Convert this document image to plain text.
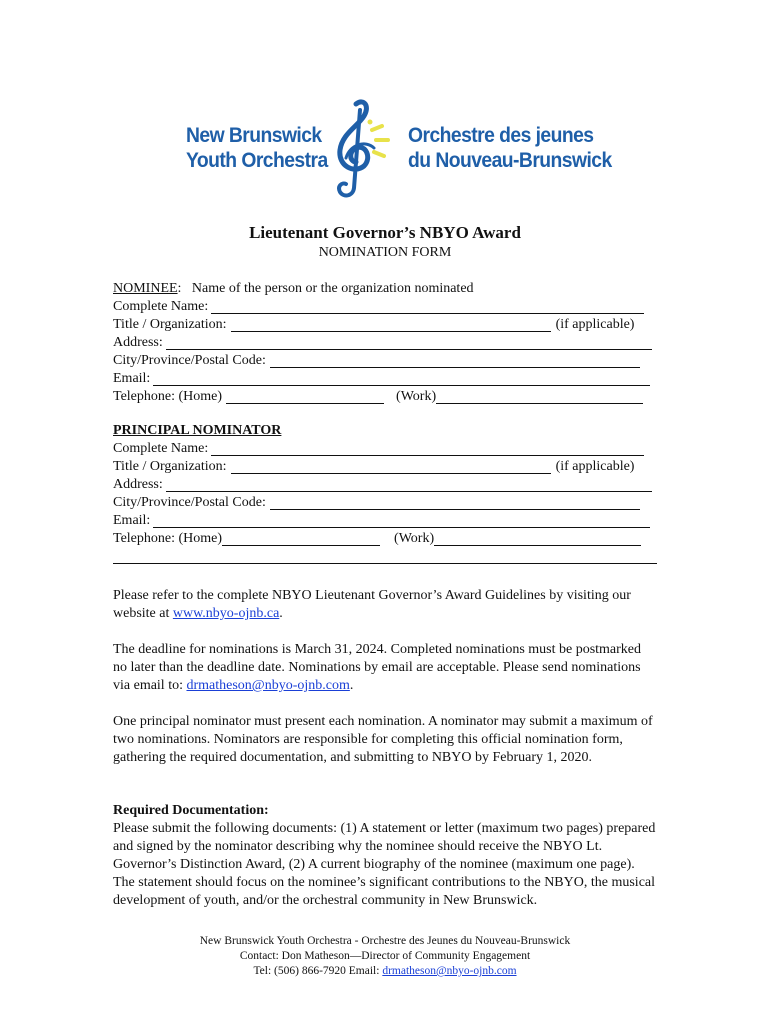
New Brunswick
Youth Orchestra
Orchestre des jeunes
du Nouveau-Brunswick
Lieutenant Governor’s NBYO Award
NOMINATION FORM
NOMINEE :   Name of the person or the organization nominated
Complete Name:
Title / Organization:	(if applicable)
Address:
City/Province/Postal Code:
Email:
Telephone: (Home)	(Work)
PRINCIPAL NOMINATOR
Complete Name:
Title / Organization:	(if applicable)
Address:
City/Province/Postal Code:
Email:
Telephone: (Home)	(Work)
Please refer to the complete NBYO Lieutenant Governor’s Award Guidelines by visiting our website at www.nbyo-ojnb.ca.
The deadline for nominations is March 31, 2024. Completed nominations must be postmarked no later than the deadline date. Nominations by email are acceptable. Please send nominations via email to: drmatheson@nbyo-ojnb.com.
One principal nominator must present each nomination. A nominator may submit a maximum of two nominations. Nominators are responsible for completing this official nomination form, gathering the required documentation, and submitting to NBYO by February 1, 2020.
Required Documentation:
Please submit the following documents: (1) A statement or letter (maximum two pages) prepared and signed by the nominator describing why the nominee should receive the NBYO Lt. Governor’s Distinction Award, (2) A current biography of the nominee (maximum one page). The statement should focus on the nominee’s significant contributions to the NBYO, the musical development of youth, and/or the orchestral community in New Brunswick.
New Brunswick Youth Orchestra - Orchestre des Jeunes du Nouveau-Brunswick
Contact: Don Matheson—Director of Community Engagement
Tel: (506) 866-7920 Email: drmatheson@nbyo-ojnb.com
